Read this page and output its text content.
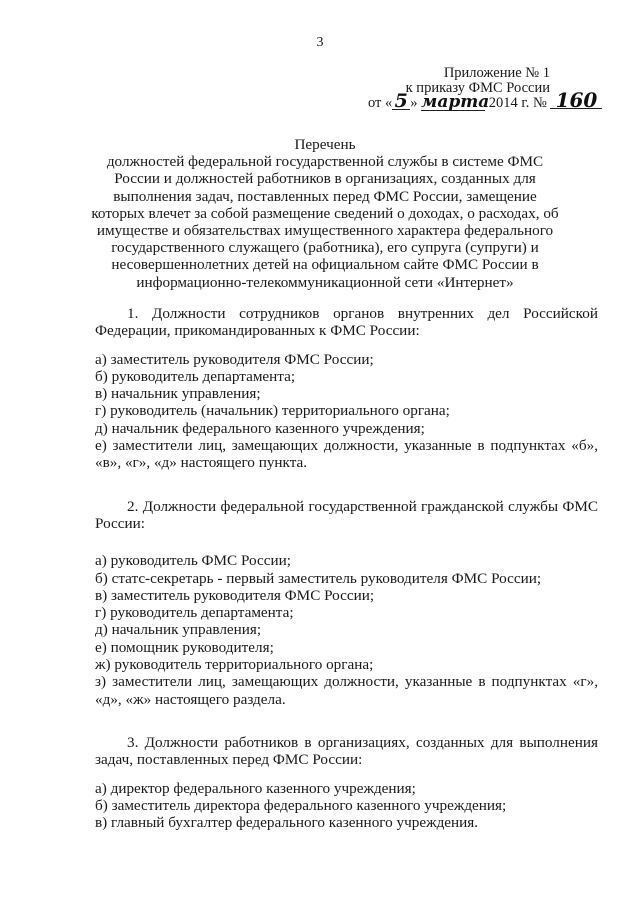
3
Приложение № 1
к приказу ФМС России
от « 5 » марта 2014 г. № 160
Перечень
должностей федеральной государственной службы в системе ФМС России и должностей работников в организациях, созданных для выполнения задач, поставленных перед ФМС России, замещение которых влечет за собой размещение сведений о доходах, о расходах, об имуществе и обязательствах имущественного характера федерального государственного служащего (работника), его супруга (супруги) и несовершеннолетних детей на официальном сайте ФМС России в информационно-телекоммуникационной сети «Интернет»

1. Должности сотрудников органов внутренних дел Российской Федерации, прикомандированных к ФМС России:

а) заместитель руководителя ФМС России;
б) руководитель департамента;
в) начальник управления;
г) руководитель (начальник) территориального органа;
д) начальник федерального казенного учреждения;
е) заместители лиц, замещающих должности, указанные в подпунктах «б», «в», «г», «д» настоящего пункта.

2. Должности федеральной государственной гражданской службы ФМС России:

а) руководитель ФМС России;
б) статс-секретарь - первый заместитель руководителя ФМС России;
в) заместитель руководителя ФМС России;
г) руководитель департамента;
д) начальник управления;
е) помощник руководителя;
ж) руководитель территориального органа;
з) заместители лиц, замещающих должности, указанные в подпунктах «г», «д», «ж» настоящего раздела.

3. Должности работников в организациях, созданных для выполнения задач, поставленных перед ФМС России:

а) директор федерального казенного учреждения;
б) заместитель директора федерального казенного учреждения;
в) главный бухгалтер федерального казенного учреждения.
